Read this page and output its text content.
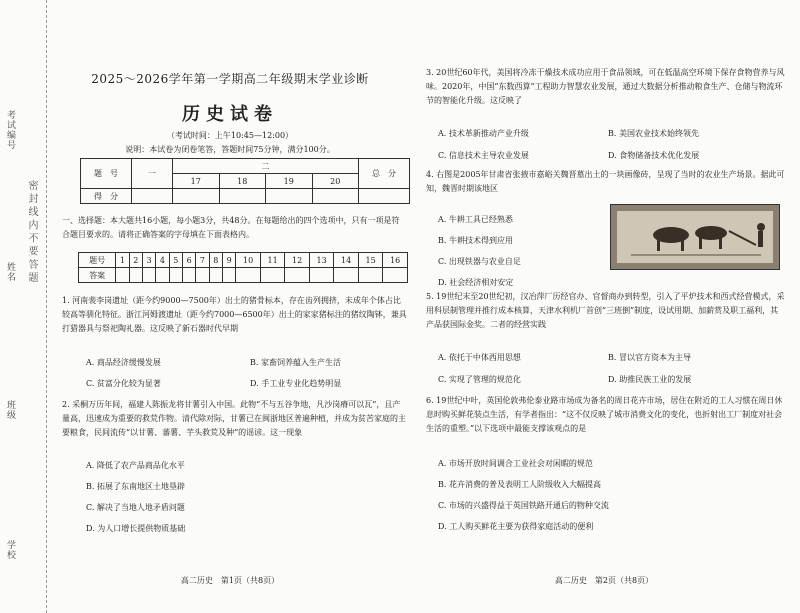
考试编号
姓名
班级
学校
密 封 线 内 不 要 答 题
2025～2026学年第一学期高二年级期末学业诊断
历史试卷
（考试时间：上午10:45—12:00）
说明：本试卷为闭卷笔答，答题时间75分钟，满分100分。
题　号	一	二				总　分
		17	18	19	20	
得　分						
一、选择题：本大题共16小题，每小题3分，共48分。在每题给出的四个选项中，只有一项是符合题目要求的。请将正确答案的字母填在下面表格内。
题号	1	2	3	4	5	6	7	8	9	10	11	12	13	14	15	16
答案																
1. 河南裴李岗遗址（距今约9000—7500年）出土的猪骨标本，存在齿列拥挤，未成年个体占比较高等驯化特征。浙江河姆渡遗址（距今约7000—6500年）出土的家家猪标注的猪纹陶钵，兼具打猎器具与祭祀陶礼器。这反映了新石器时代早期
A. 商品经济缓慢发展	B. 家畜饲养蕴入生产生活
C. 贫富分化较为显著	D. 手工业专业化趋势明显
2. 采桐万历年间，福建人陈振龙将甘薯引入中国。此物“不与五谷争地，凡沙岗瘠可以瓦”，且产量高，迅速成为重要的救荒作物。清代除对际，甘薯已在闽浙地区普遍种植，并成为贫苦家庭的主要粮食，民间流传“以甘薯、蕃薯、芋头救荒及种”的谣谚。这一现象
A. 降低了农产品商品化水平
B. 拓展了东南地区土地垦辟
C. 解决了当地人地矛盾问题
D. 为人口增长提供物质基础
高二历史　第1页（共8页）
3. 20世纪60年代，美国将冷冻干燥技术成功应用于食品领域，可在低温高空环境下保存食物营养与风味。2020年，中国“东数西算”工程助力智慧农业发展，通过大数据分析推动粮食生产、仓储与物流环节的智能化升级。这反映了
A. 技术革新推动产业升级	B. 美国农业技术始终领先
C. 信息技术主导农业发展	D. 食物储备技术优化发展
4. 右图是2005年甘肃省张掖市嘉峪关魏晋墓出土的一块画像砖，呈现了当时的农业生产场景。据此可知，魏晋时期该地区
A. 牛耕工具已经熟悉
B. 牛耕技术得到应用
C. 出现铁器与农业自足
D. 社会经济相对安定
5. 19世纪末至20世纪初，汉冶萍厂历经官办、官督商办到转型，引入了平炉技术和西式经营模式，采用科层制管理并推行成本核算，天津水利机厂首创“三班倒”制度，设试用期、加薪赏及职工福利，其产品获国际金奖。二者的经营实践
A. 依托于中体西用思想	B. 冒以官方资本为主导
C. 实现了管理的规范化	D. 助推民族工业的发展
6. 19世纪中叶，英国伦敦弗伦泰业路市场成为备名的周日花卉市场，居住在附近的工人习惯在周日休息时购买鲜花装点生活，有学者指出：“这不仅反映了城市消费文化的变化，也折射出工厂制度对社会生活的重塑。”以下选项中最能支撑该观点的是
A. 市场开放时间调合工业社会对闲暇的规范
B. 花卉消费的普及表明工人阶级收入大幅提高
C. 市场的兴盛得益于英国铁路开通后的物种交流
D. 工人购买鲜花主要为获得家庭活动的便利
高二历史　第2页（共8页）
